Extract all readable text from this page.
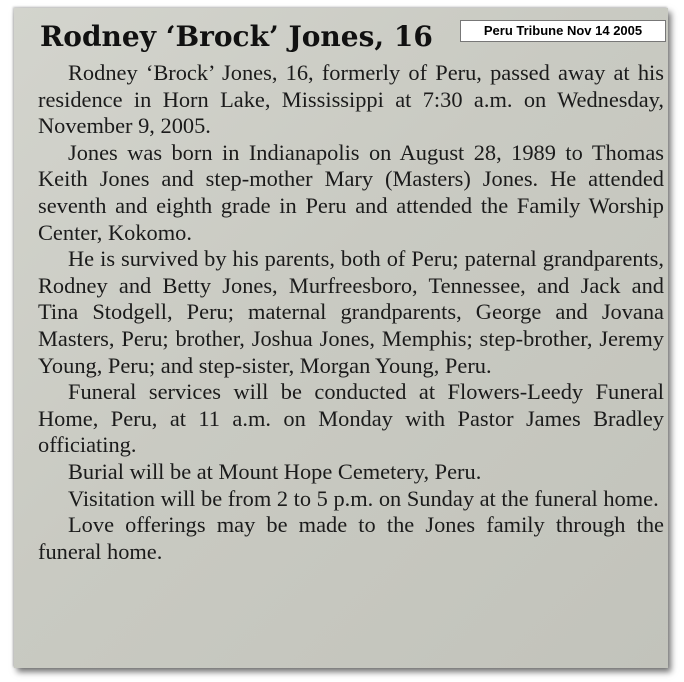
Rodney ‘Brock’ Jones, 16	Peru Tribune Nov 14 2005

Rodney ‘Brock’ Jones, 16, formerly of Peru, passed away at his residence in Horn Lake, Mississippi at 7:30 a.m. on Wednesday, November 9, 2005.

Jones was born in Indianapolis on August 28, 1989 to Thomas Keith Jones and step-mother Mary (Masters) Jones. He attended seventh and eighth grade in Peru and attended the Family Worship Center, Kokomo.

He is survived by his parents, both of Peru; paternal grandparents, Rodney and Betty Jones, Murfreesboro, Tennessee, and Jack and Tina Stodgell, Peru; maternal grandparents, George and Jovana Masters, Peru; brother, Joshua Jones, Memphis; step-brother, Jeremy Young, Peru; and step-sister, Morgan Young, Peru.

Funeral services will be conducted at Flowers-Leedy Funeral Home, Peru, at 11 a.m. on Monday with Pastor James Bradley officiating.

Burial will be at Mount Hope Cemetery, Peru.

Visitation will be from 2 to 5 p.m. on Sunday at the funeral home.

Love offerings may be made to the Jones family through the funeral home.
